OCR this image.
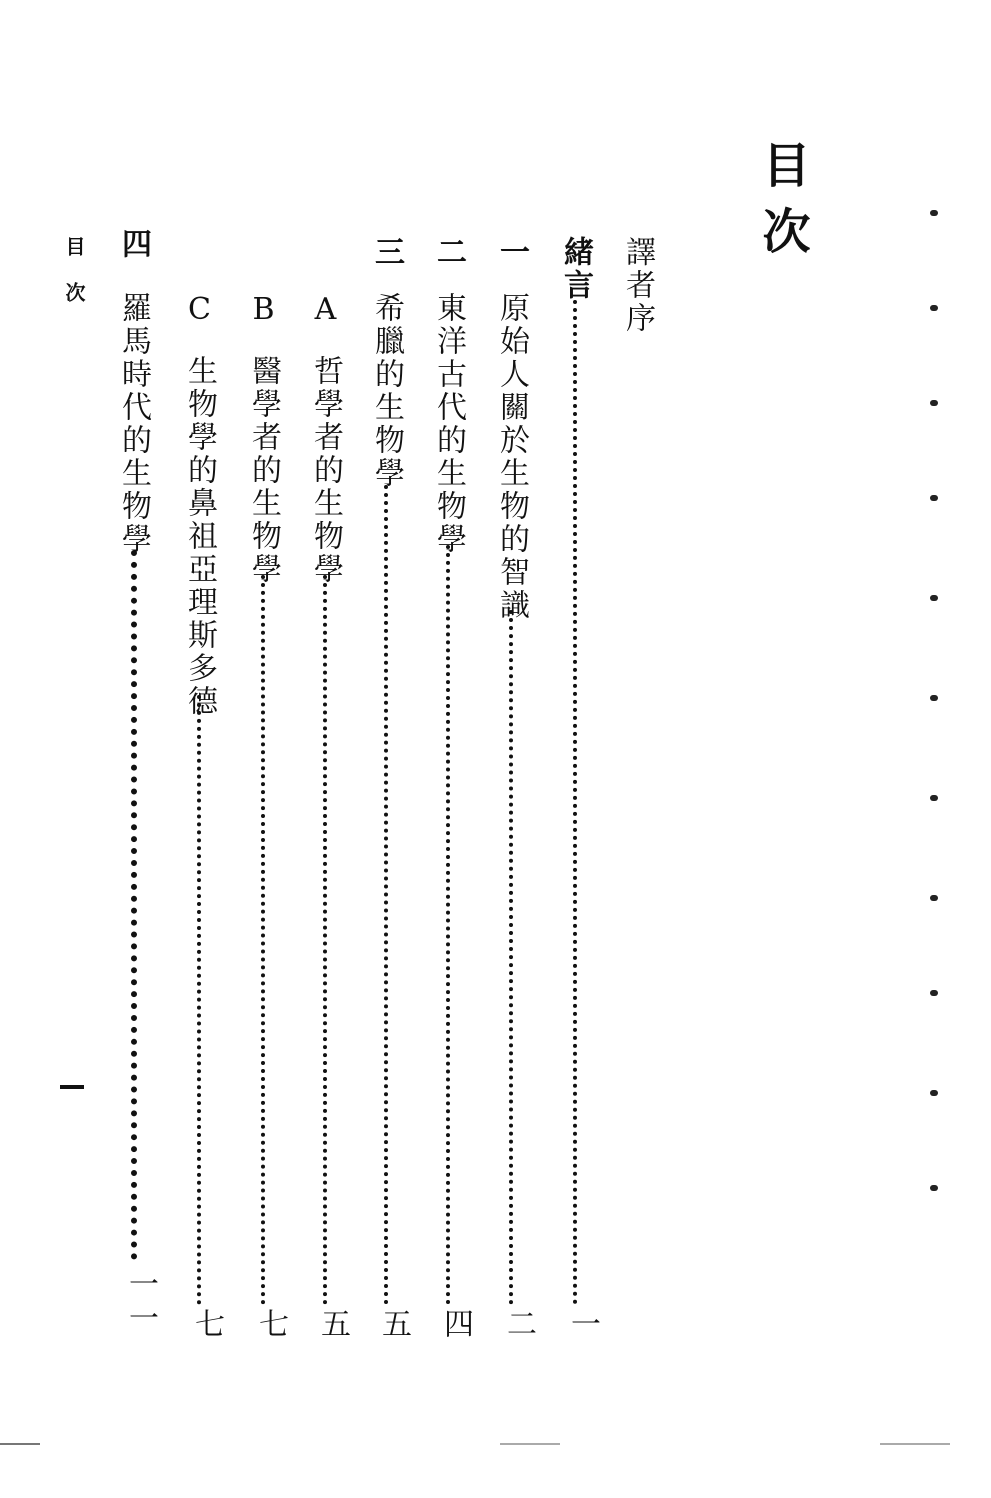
目次
譯者序
緒言
一
一
原始人關於生物的智識
二
二
東洋古代的生物學
四
三
希臘的生物學
五
A
哲學者的生物學
五
B
醫學者的生物學
七
C
生物學的鼻祖亞理斯多德
七
四
羅馬時代的生物學
一一
目次
